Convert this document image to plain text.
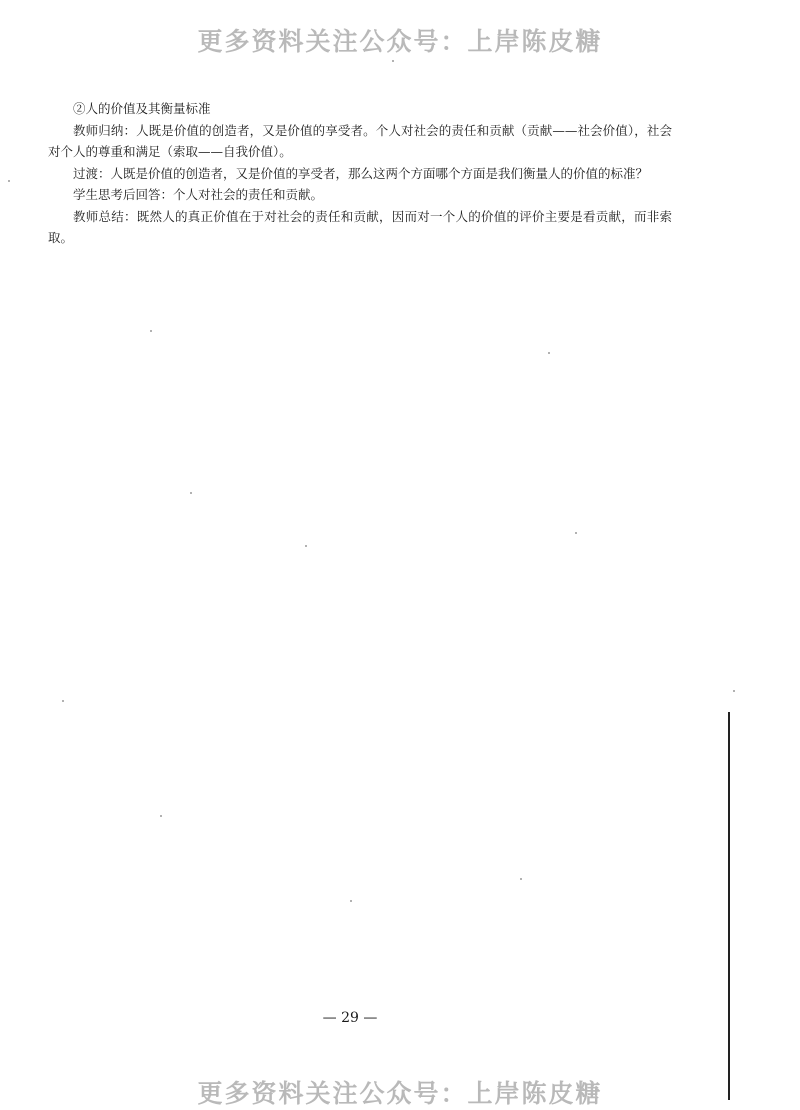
更多资料关注公众号：上岸陈皮糖

②人的价值及其衡量标准

教师归纳：人既是价值的创造者，又是价值的享受者。个人对社会的责任和贡献（贡献——社会价值），社会对个人的尊重和满足（索取——自我价值）。

过渡：人既是价值的创造者，又是价值的享受者，那么这两个方面哪个方面是我们衡量人的价值的标准？

学生思考后回答：个人对社会的责任和贡献。

教师总结：既然人的真正价值在于对社会的责任和贡献，因而对一个人的价值的评价主要是看贡献，而非索取。

— 29 —
更多资料关注公众号：上岸陈皮糖
